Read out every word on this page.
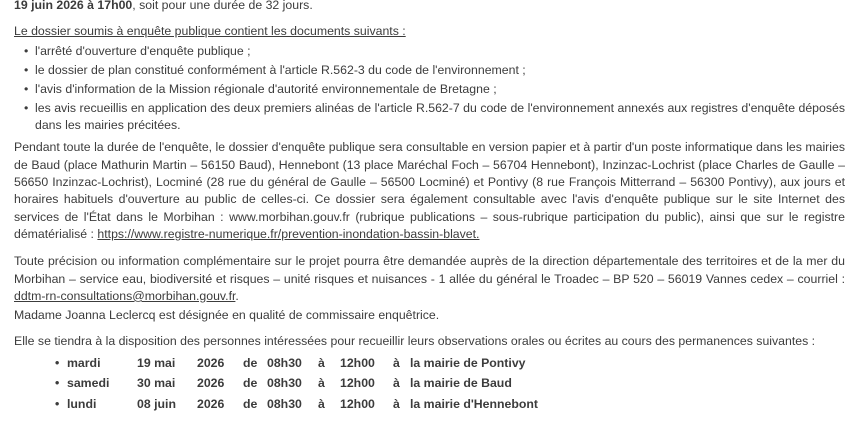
19 juin 2026 à 17h00, soit pour une durée de 32 jours.

Le dossier soumis à enquête publique contient les documents suivants :

• l'arrêté d'ouverture d'enquête publique ;
• le dossier de plan constitué conformément à l'article R.562-3 du code de l'environnement ;
• l'avis d'information de la Mission régionale d'autorité environnementale de Bretagne ;
• les avis recueillis en application des deux premiers alinéas de l'article R.562-7 du code de l'environnement annexés aux registres d'enquête déposés dans les mairies précitées.

Pendant toute la durée de l'enquête, le dossier d'enquête publique sera consultable en version papier et à partir d'un poste informatique dans les mairies de Baud (place Mathurin Martin – 56150 Baud), Hennebont (13 place Maréchal Foch – 56704 Hennebont), Inzinzac-Lochrist (place Charles de Gaulle – 56650 Inzinzac-Lochrist), Locminé (28 rue du général de Gaulle – 56500 Locminé) et Pontivy (8 rue François Mitterrand – 56300 Pontivy), aux jours et horaires habituels d'ouverture au public de celles-ci. Ce dossier sera également consultable avec l'avis d'enquête publique sur le site Internet des services de l'État dans le Morbihan : www.morbihan.gouv.fr (rubrique publications – sous-rubrique participation du public), ainsi que sur le registre dématérialisé : https://www.registre-numerique.fr/prevention-inondation-bassin-blavet.

Toute précision ou information complémentaire sur le projet pourra être demandée auprès de la direction départementale des territoires et de la mer du Morbihan – service eau, biodiversité et risques – unité risques et nuisances - 1 allée du général le Troadec – BP 520 – 56019 Vannes cedex – courriel : ddtm-rn-consultations@morbihan.gouv.fr.

Madame Joanna Leclercq est désignée en qualité de commissaire enquêtrice.

Elle se tiendra à la disposition des personnes intéressées pour recueillir leurs observations orales ou écrites au cours des permanences suivantes :

• mardi	19 mai	2026	de 08h30	à	12h00	à la mairie de Pontivy
• samedi	30 mai	2026	de 08h30	à	12h00	à la mairie de Baud
• lundi	08 juin	2026	de 08h30	à	12h00	à la mairie d'Hennebont
